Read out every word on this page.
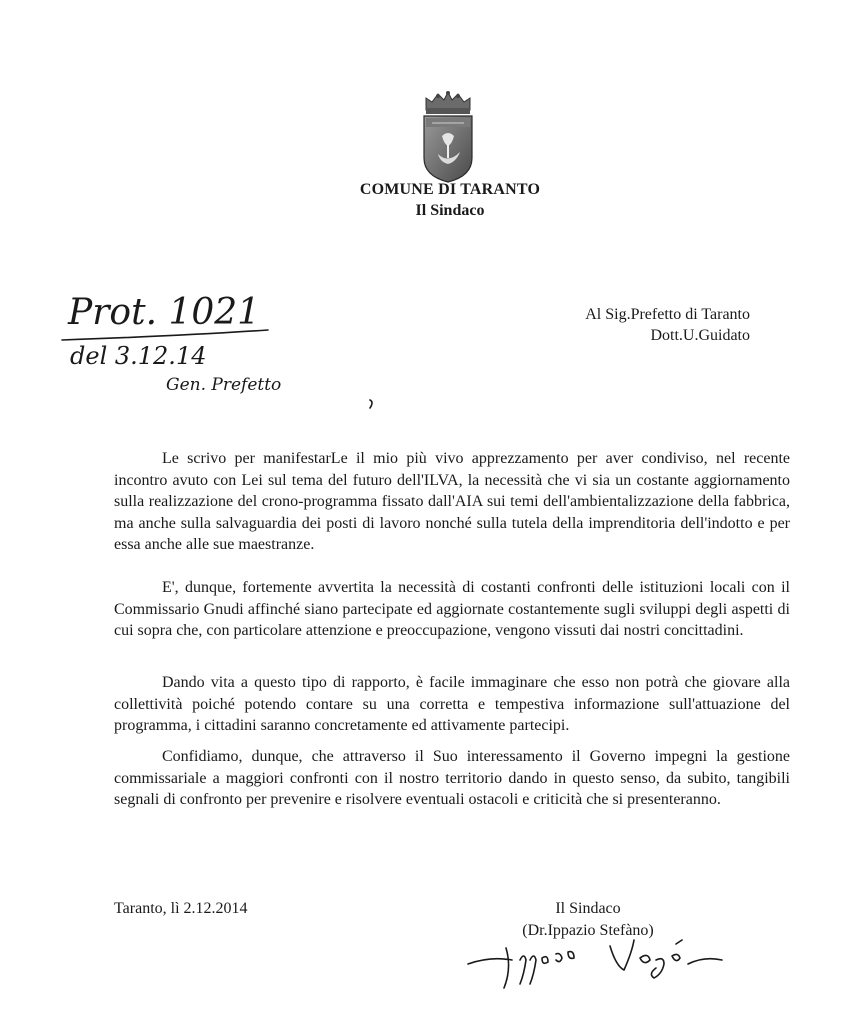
COMUNE DI TARANTO
Il Sindaco
Prot. 1021
del 3.12.14
Gen. Prefetto
Al Sig.Prefetto di Taranto
Dott.U.Guidato

Le scrivo per manifestarLe il mio più vivo apprezzamento per aver condiviso, nel recente incontro avuto con Lei sul tema del futuro dell'ILVA, la necessità che vi sia un costante aggiornamento sulla realizzazione del crono-programma fissato dall'AIA sui temi dell'ambientalizzazione della fabbrica, ma anche sulla salvaguardia dei posti di lavoro nonché sulla tutela della imprenditoria dell'indotto e per essa anche alle sue maestranze.

E', dunque, fortemente avvertita la necessità di costanti confronti delle istituzioni locali con il Commissario Gnudi affinché siano partecipate ed aggiornate costantemente sugli sviluppi degli aspetti di cui sopra che, con particolare attenzione e preoccupazione, vengono vissuti dai nostri concittadini.

Dando vita a questo tipo di rapporto, è facile immaginare che esso non potrà che giovare alla collettività poiché potendo contare su una corretta e tempestiva informazione sull'attuazione del programma, i cittadini saranno concretamente ed attivamente partecipi.

Confidiamo, dunque, che attraverso il Suo interessamento il Governo impegni la gestione commissariale a maggiori confronti con il nostro territorio dando in questo senso, da subito, tangibili segnali di confronto per prevenire e risolvere eventuali ostacoli e criticità che si presenteranno.

Taranto, lì 2.12.2014	Il Sindaco
(Dr.Ippazio Stefàno)
